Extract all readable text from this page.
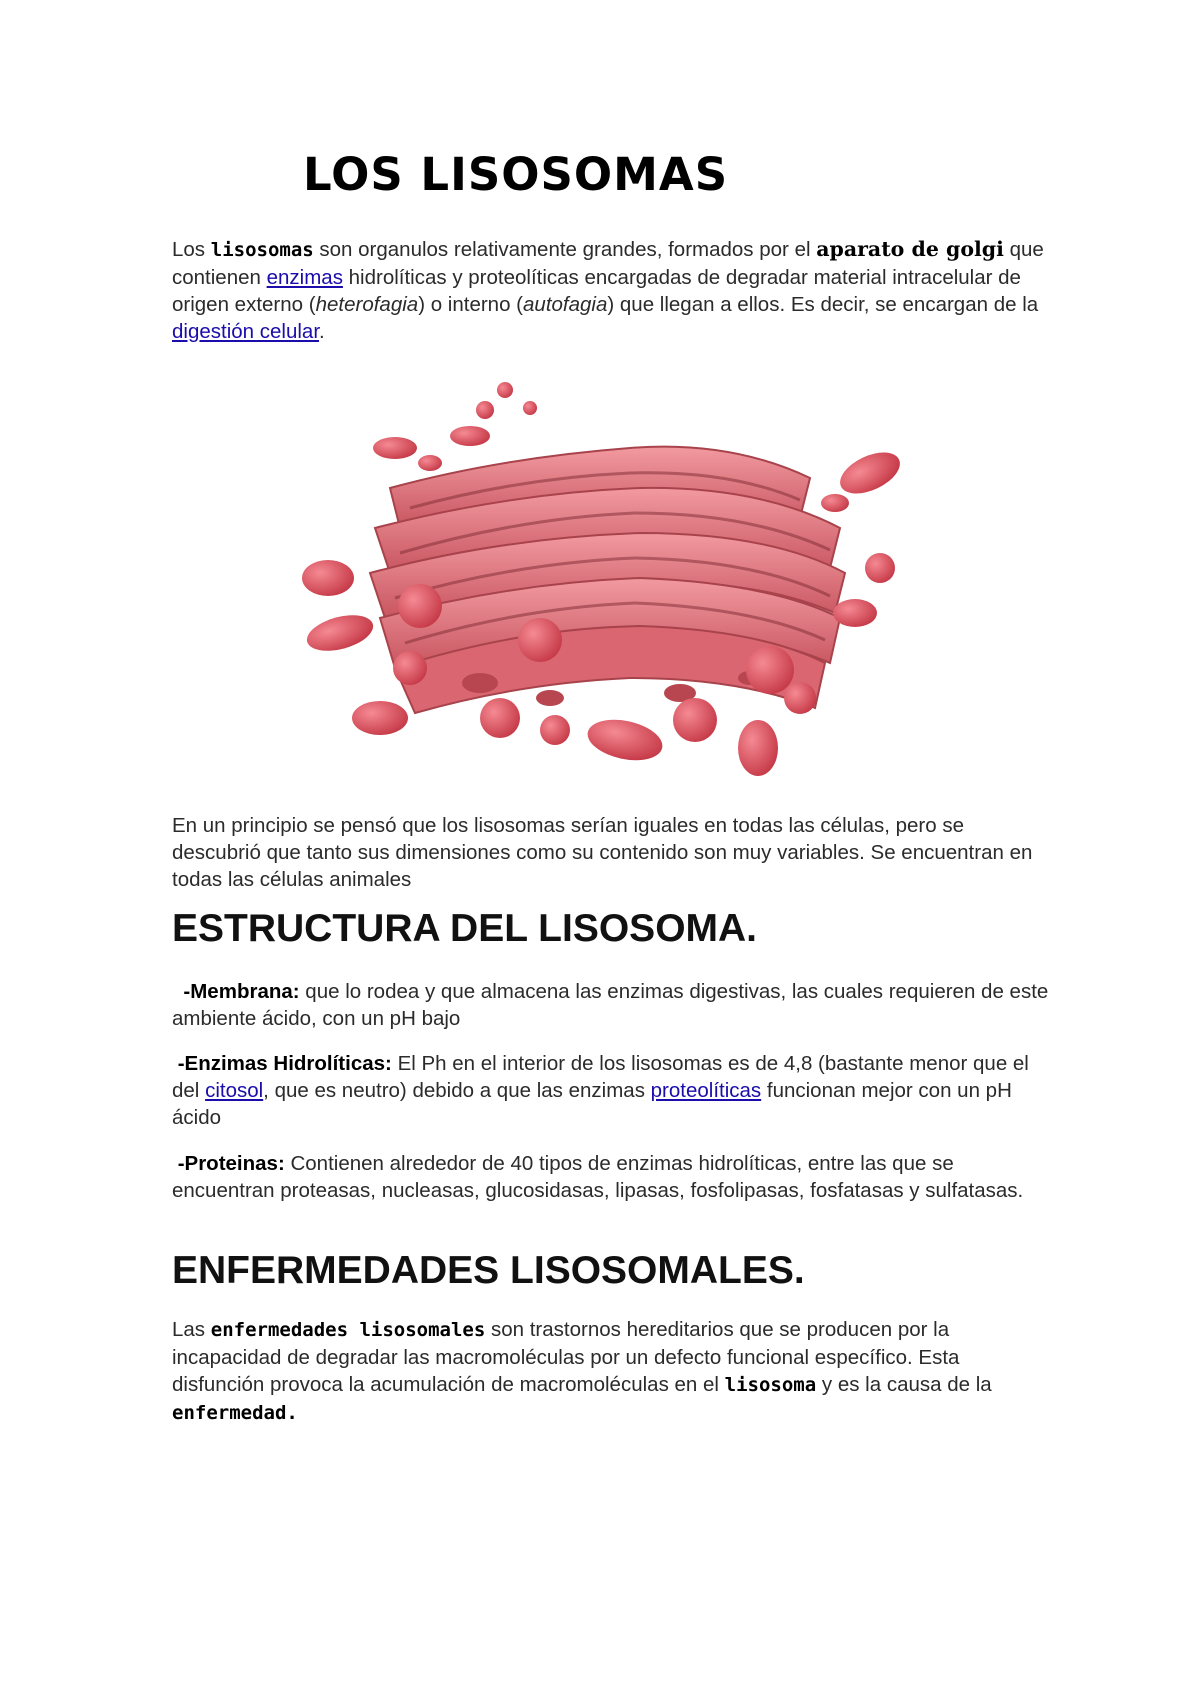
LOS LISOSOMAS

Los lisosomas son organulos relativamente grandes, formados por el aparato de golgi que contienen enzimas hidrolíticas y proteolíticas encargadas de degradar material intracelular de origen externo (heterofagia) o interno (autofagia) que llegan a ellos. Es decir, se encargan de la digestión celular.

En un principio se pensó que los lisosomas serían iguales en todas las células, pero se descubrió que tanto sus dimensiones como su contenido son muy variables. Se encuentran en todas las células animales

ESTRUCTURA DEL LISOSOMA.

-Membrana: que lo rodea y que almacena las enzimas digestivas, las cuales requieren de este ambiente ácido, con un pH bajo

-Enzimas Hidrolíticas: El Ph en el interior de los lisosomas es de 4,8 (bastante menor que el del citosol, que es neutro) debido a que las enzimas proteolíticas funcionan mejor con un pH ácido

-Proteinas: Contienen alrededor de 40 tipos de enzimas hidrolíticas, entre las que se encuentran proteasas, nucleasas, glucosidasas, lipasas, fosfolipasas, fosfatasas y sulfatasas.

ENFERMEDADES LISOSOMALES.

Las enfermedades lisosomales son trastornos hereditarios que se producen por la incapacidad de degradar las macromoléculas por un defecto funcional específico. Esta disfunción provoca la acumulación de macromoléculas en el lisosoma y es la causa de la enfermedad.
